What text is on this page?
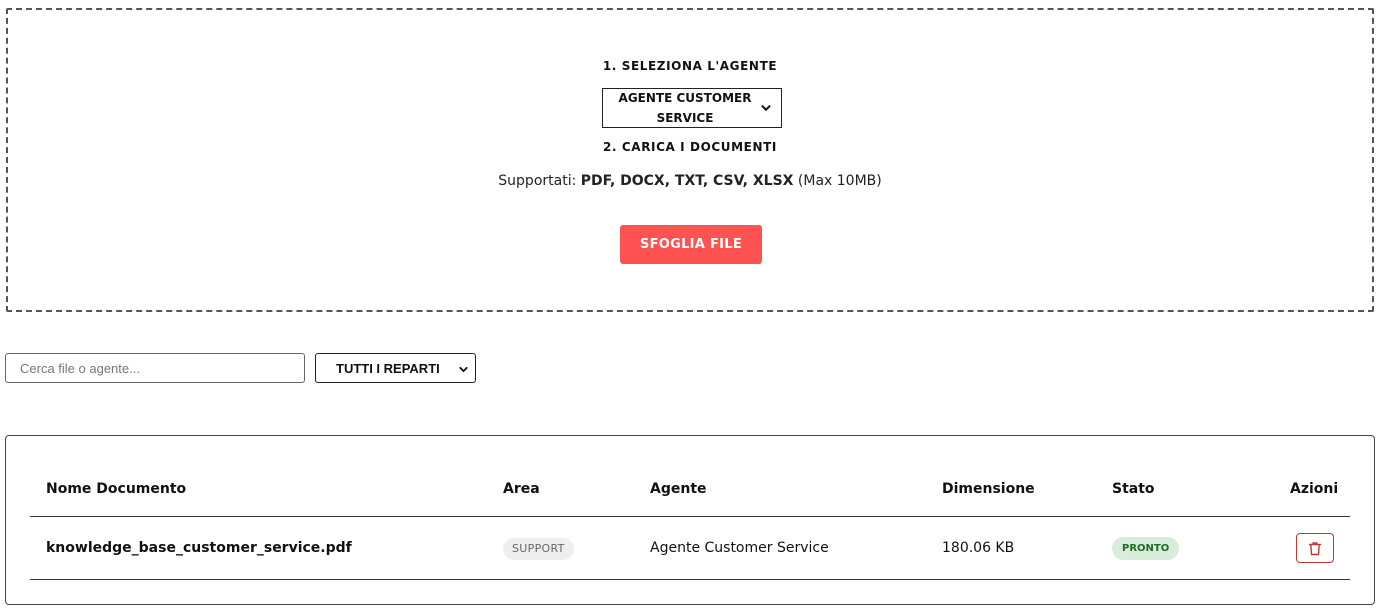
1. SELEZIONA L'AGENTE
AGENTE CUSTOMER SERVICE
2. CARICA I DOCUMENTI
Supportati: PDF, DOCX, TXT, CSV, XLSX (Max 10MB)
SFOGLIA FILE
Cerca file o agente...
TUTTI I REPARTI
Nome Documento	Area	Agente	Dimensione	Stato	Azioni
knowledge_base_customer_service.pdf	SUPPORT	Agente Customer Service	180.06 KB	PRONTO
